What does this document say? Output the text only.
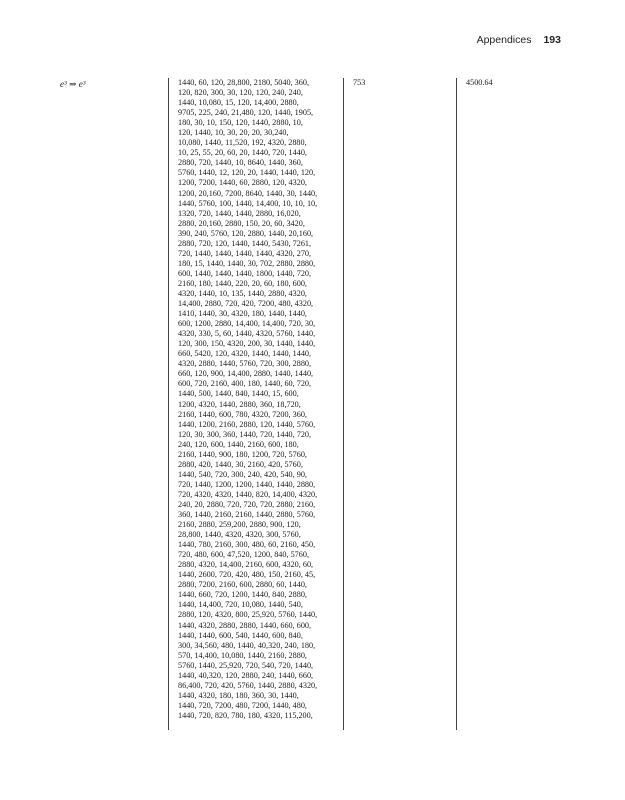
Appendices 193
e³ ⇒ e³	1440, 60, 120, 28,800, 2180, 5040, 360,
120, 820, 300, 30, 120, 120, 240, 240,
1440, 10,080, 15, 120, 14,400, 2880,
9705, 225, 240, 21,480, 120, 1440, 1905,
180, 30, 10, 150, 120, 1440, 2880, 10,
120, 1440, 10, 30, 20, 20, 30,240,
10,080, 1440, 11,520, 192, 4320, 2880,
10, 25, 55, 20, 60, 20, 1440, 720, 1440,
2880, 720, 1440, 10, 8640, 1440, 360,
5760, 1440, 12, 120, 20, 1440, 1440, 120,
1200, 7200, 1440, 60, 2880, 120, 4320,
1200, 20,160, 7200, 8640, 1440, 30, 1440,
1440, 5760, 100, 1440, 14,400, 10, 10, 10,
1320, 720, 1440, 1440, 2880, 16,020,
2880, 20,160, 2880, 150, 20, 60, 3420,
390, 240, 5760, 120, 2880, 1440, 20,160,
2880, 720, 120, 1440, 1440, 5430, 7261,
720, 1440, 1440, 1440, 1440, 4320, 270,
180, 15, 1440, 1440, 30, 702, 2880, 2880,
600, 1440, 1440, 1440, 1800, 1440, 720,
2160, 180, 1440, 220, 20, 60, 180, 600,
4320, 1440, 10, 135, 1440, 2880, 4320,
14,400, 2880, 720, 420, 7200, 480, 4320,
1410, 1440, 30, 4320, 180, 1440, 1440,
600, 1200, 2880, 14,400, 14,400, 720, 30,
4320, 330, 5, 60, 1440, 4320, 5760, 1440,
120, 300, 150, 4320, 200, 30, 1440, 1440,
660, 5420, 120, 4320, 1440, 1440, 1440,
4320, 2880, 1440, 5760, 720, 300, 2880,
660, 120, 900, 14,400, 2880, 1440, 1440,
600, 720, 2160, 400, 180, 1440, 60, 720,
1440, 500, 1440, 840, 1440, 15, 600,
1200, 4320, 1440, 2880, 360, 18,720,
2160, 1440, 600, 780, 4320, 7200, 360,
1440, 1200, 2160, 2880, 120, 1440, 5760,
120, 30, 300, 360, 1440, 720, 1440, 720,
240, 120, 600, 1440, 2160, 600, 180,
2160, 1440, 900, 180, 1200, 720, 5760,
2880, 420, 1440, 30, 2160, 420, 5760,
1440, 540, 720, 300, 240, 420, 540, 90,
720, 1440, 1200, 1200, 1440, 1440, 2880,
720, 4320, 4320, 1440, 820, 14,400, 4320,
240, 20, 2880, 720, 720, 720, 2880, 2160,
360, 1440, 2160, 2160, 1440, 2880, 5760,
2160, 2880, 259,200, 2880, 900, 120,
28,800, 1440, 4320, 4320, 300, 5760,
1440, 780, 2160, 300, 480, 60, 2160, 450,
720, 480, 600, 47,520, 1200, 840, 5760,
2880, 4320, 14,400, 2160, 600, 4320, 60,
1440, 2600, 720, 420, 480, 150, 2160, 45,
2880, 7200, 2160, 600, 2880, 60, 1440,
1440, 660, 720, 1200, 1440, 840, 2880,
1440, 14,400, 720, 10,080, 1440, 540,
2880, 120, 4320, 800, 25,920, 5760, 1440,
1440, 4320, 2880, 2880, 1440, 660, 600,
1440, 1440, 600, 540, 1440, 600, 840,
300, 34,560, 480, 1440, 40,320, 240, 180,
570, 14,400, 10,080, 1440, 2160, 2880,
5760, 1440, 25,920, 720, 540, 720, 1440,
1440, 40,320, 120, 2880, 240, 1440, 660,
86,400, 720, 420, 5760, 1440, 2880, 4320,
1440, 4320, 180, 180, 360, 30, 1440,
1440, 720, 7200, 480, 7200, 1440, 480,
1440, 720, 820, 780, 180, 4320, 115,200,
753	4500.64
